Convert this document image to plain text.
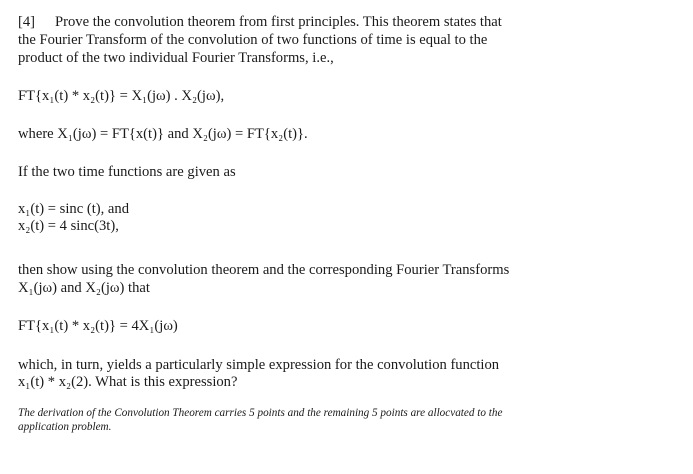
[4] Prove the convolution theorem from first principles. This theorem states that
the Fourier Transform of the convolution of two functions of time is equal to the
product of the two individual Fourier Transforms, i.e.,
FT{x₁(t) * x₂(t)} = X₁(jω) . X₂(jω),
where X₁(jω) = FT{x(t)} and X₂(jω) = FT{x₂(t)}.
If the two time functions are given as
x₁(t) = sinc (t), and
x₂(t) = 4 sinc(3t),
then show using the convolution theorem and the corresponding Fourier Transforms
X₁(jω) and X₂(jω) that
FT{x₁(t) * x₂(t)} = 4X₁(jω)
which, in turn, yields a particularly simple expression for the convolution function
x₁(t) * x₂(2). What is this expression?
The derivation of the Convolution Theorem carries 5 points and the remaining 5 points are allocvated to the
application problem.
